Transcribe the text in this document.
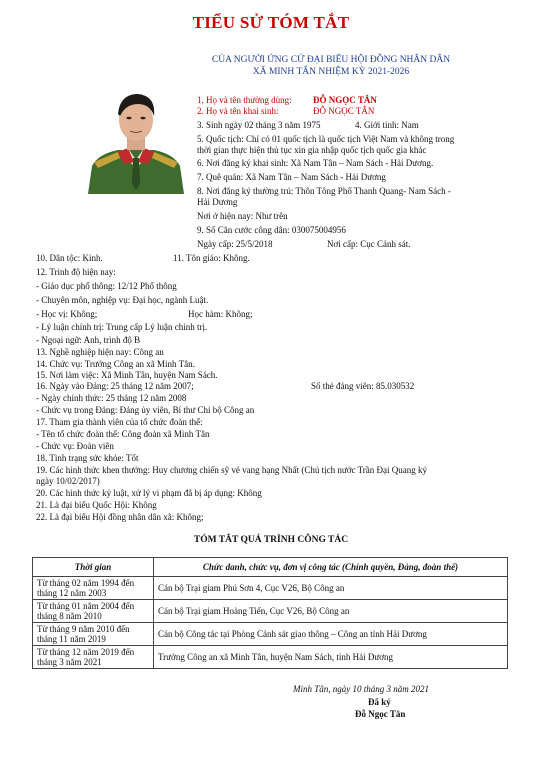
TIỂU SỬ TÓM TẮT
CỦA NGƯỜI ỨNG CỬ ĐẠI BIỂU HỘI ĐỒNG NHÂN DÂN
XÃ MINH TÂN NHIỆM KỲ 2021-2026
1. Họ và tên thường dùng: ĐỖ NGỌC TÂN
2. Họ và tên khai sinh:	ĐỖ NGỌC TÂN
3. Sinh ngày 02 tháng 3 năm 1975	4. Giới tính: Nam
5. Quốc tịch: Chỉ có 01 quốc tịch là quốc tịch Việt Nam và không trong
thời gian thực hiện thủ tục xin gia nhập quốc tịch quốc gia khác
6. Nơi đăng ký khai sinh: Xã Nam Tân – Nam Sách - Hải Dương.
7. Quê quán: Xã Nam Tân – Nam Sách - Hải Dương
8. Nơi đăng ký thường trú: Thôn Tông Phố Thanh Quang- Nam Sách -
Hải Dương
Nơi ở hiện nay: Như trên
9. Số Căn cước công dân: 030075004956
Ngày cấp: 25/5/2018	Nơi cấp: Cục Cảnh sát.
10. Dân tộc: Kinh.	11. Tôn giáo: Không.
12. Trình độ hiện nay:
- Giáo dục phổ thông: 12/12 Phổ thông
- Chuyên môn, nghiệp vụ: Đại học, ngành Luật.
- Học vị: Không;	Học hàm: Không;
- Lý luận chính trị: Trung cấp Lý luận chính trị.
- Ngoại ngữ: Anh, trình độ B
13. Nghề nghiệp hiện nay: Công an
14. Chức vụ: Trưởng Công an xã Minh Tân.
15. Nơi làm việc: Xã Minh Tân, huyện Nam Sách.
16. Ngày vào Đảng: 25 tháng 12 năm 2007;	Số thẻ đảng viên: 85.030532
- Ngày chính thức: 25 tháng 12 năm 2008
- Chức vụ trong Đảng: Đảng ủy viên, Bí thư Chi bộ Công an
17. Tham gia thành viên của tổ chức đoàn thể:
- Tên tổ chức đoàn thể: Công đoàn xã Minh Tân
- Chức vụ: Đoàn viên
18. Tình trạng sức khỏe: Tốt
19. Các hình thức khen thưởng: Huy chương chiến sỹ vẻ vang hạng Nhất (Chủ tịch nước Trần Đại Quang ký
ngày 10/02/2017)
20. Các hình thức kỷ luật, xử lý vi phạm đã bị áp dụng: Không
21. Là đại biểu Quốc Hội: Không
22. Là đại biểu Hội đồng nhân dân xã: Không;
TÓM TẮT QUÁ TRÌNH CÔNG TÁC
Thời gian	Chức danh, chức vụ, đơn vị công tác (Chính quyền, Đảng, đoàn thể)
Từ tháng 02 năm 1994 đến tháng 12 năm 2003	Cán bộ Trại giam Phú Sơn 4, Cục V26, Bộ Công an
Từ tháng 01 năm 2004 đến tháng 8 năm 2010	Cán bộ Trại giam Hoàng Tiến, Cục V26, Bộ Công an
Từ tháng 9 năm 2010 đến tháng 11 năm 2019	Cán bộ Công tác tại Phòng Cảnh sát giao thông – Công an tỉnh Hải Dương
Từ tháng 12 năm 2019 đến tháng 3 năm 2021	Trưởng Công an xã Minh Tân, huyện Nam Sách, tỉnh Hải Dương
Minh Tân, ngày 10 tháng 3 năm 2021
Đã ký
Đỗ Ngọc Tân
